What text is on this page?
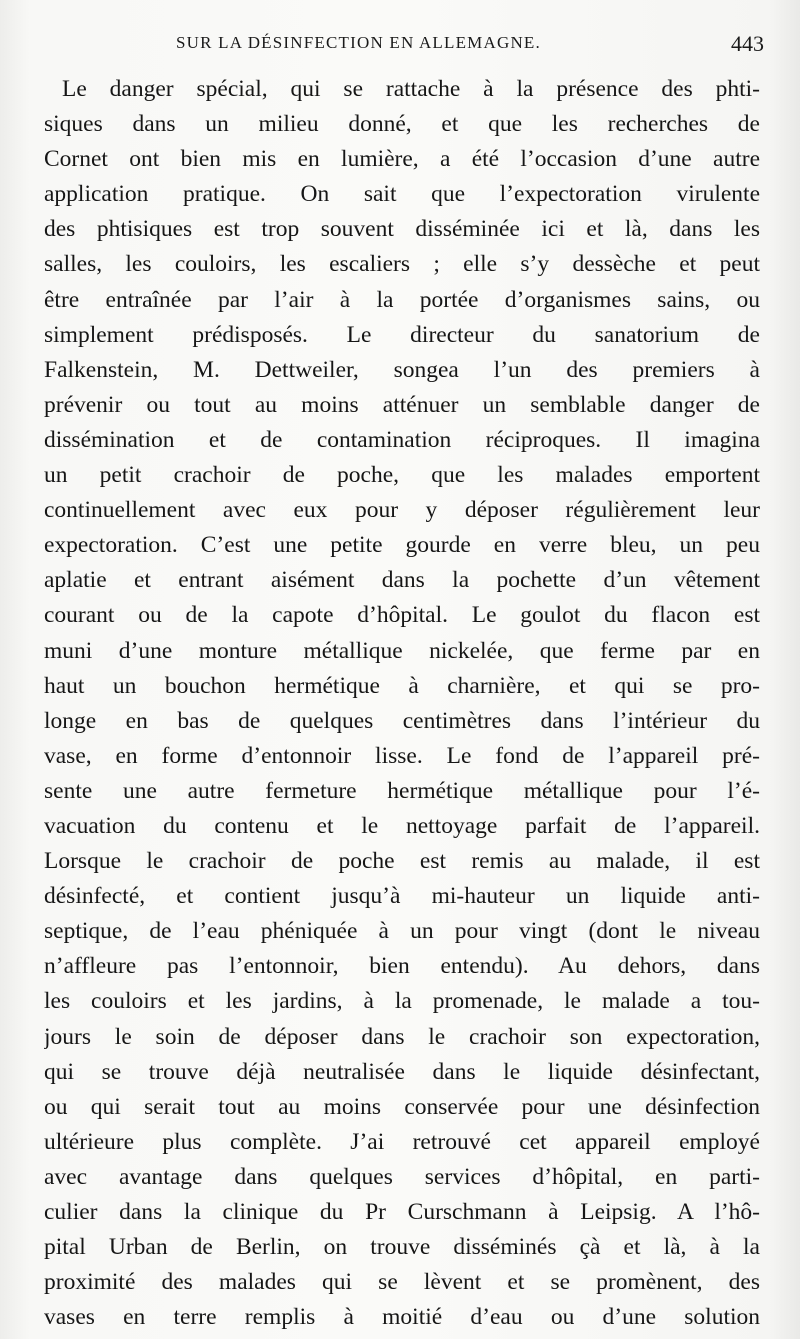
SUR LA DÉSINFECTION EN ALLEMAGNE.	443
Le danger spécial, qui se rattache à la présence des phti-
siques dans un milieu donné, et que les recherches de
Cornet ont bien mis en lumière, a été l’occasion d’une autre
application pratique. On sait que l’expectoration virulente
des phtisiques est trop souvent disséminée ici et là, dans les
salles, les couloirs, les escaliers ; elle s’y dessèche et peut
être entraînée par l’air à la portée d’organismes sains, ou
simplement prédisposés. Le directeur du sanatorium de
Falkenstein, M. Dettweiler, songea l’un des premiers à
prévenir ou tout au moins atténuer un semblable danger de
dissémination et de contamination réciproques. Il imagina
un petit crachoir de poche, que les malades emportent
continuellement avec eux pour y déposer régulièrement leur
expectoration. C’est une petite gourde en verre bleu, un peu
aplatie et entrant aisément dans la pochette d’un vêtement
courant ou de la capote d’hôpital. Le goulot du flacon est
muni d’une monture métallique nickelée, que ferme par en
haut un bouchon hermétique à charnière, et qui se pro-
longe en bas de quelques centimètres dans l’intérieur du
vase, en forme d’entonnoir lisse. Le fond de l’appareil pré-
sente une autre fermeture hermétique métallique pour l’é-
vacuation du contenu et le nettoyage parfait de l’appareil.
Lorsque le crachoir de poche est remis au malade, il est
désinfecté, et contient jusqu’à mi-hauteur un liquide anti-
septique, de l’eau phéniquée à un pour vingt (dont le niveau
n’affleure pas l’entonnoir, bien entendu). Au dehors, dans
les couloirs et les jardins, à la promenade, le malade a tou-
jours le soin de déposer dans le crachoir son expectoration,
qui se trouve déjà neutralisée dans le liquide désinfectant,
ou qui serait tout au moins conservée pour une désinfection
ultérieure plus complète. J’ai retrouvé cet appareil employé
avec avantage dans quelques services d’hôpital, en parti-
culier dans la clinique du Pr Curschmann à Leipsig. A l’hô-
pital Urban de Berlin, on trouve disséminés çà et là, à la
proximité des malades qui se lèvent et se promènent, des
vases en terre remplis à moitié d’eau ou d’une solution
